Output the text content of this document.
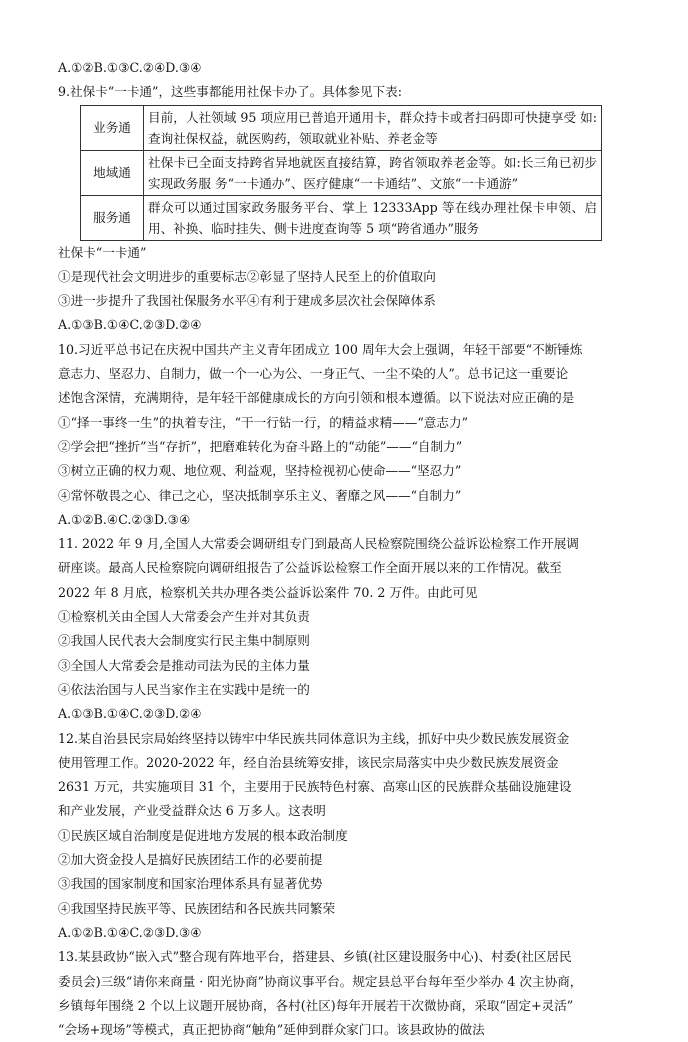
A.①②B.①③C.②④D.③④
9.社保卡“一卡通”，这些事都能用社保卡办了。具体参见下表:
业务通	目前，人社领域 95 项应用已普追开通用卡，群众持卡或者扫码即可快捷享受 如:查询社保权益，就医购药，领取就业补贴、养老金等
地域通	社保卡已全面支持跨省异地就医直接结算，跨省领取养老金等。如:长三角已初步实现政务服 务“一卡通办”、医疗健康“一卡通结”、文旅“一卡通游”
服务通	群众可以通过国家政务服务平台、掌上 12333App 等在线办理社保卡申领、启用、补换、临时挂失、侧卡进度查询等 5 项“跨省通办”服务
社保卡“一卡通”
①是现代社会文明进步的重要标志②彰显了坚持人民至上的价值取向
③进一步提升了我国社保服务水平④有利于建成多层次社会保障体系
A.①③B.①④C.②③D.②④
10.习近平总书记在庆祝中国共产主义青年团成立 100 周年大会上强调，年轻干部要“不断锤炼
意志力、坚忍力、自制力，做一个一心为公、一身正气、一尘不染的人”。总书记这一重要论
述饱含深情，充满期待，是年轻干部健康成长的方向引领和根本遵循。以下说法对应正确的是
①“择一事终一生”的执着专注，“干一行钻一行，的精益求精——“意志力”
②学会把“挫折”当“存折”，把磨难转化为奋斗路上的“动能”——“自制力”
③树立正确的权力观、地位观、利益观，坚持检视初心使命——“坚忍力”
④常怀敬畏之心、律己之心，坚决抵制享乐主义、奢靡之风——“自制力”
A.①②B.④C.②③D.③④
11. 2022 年 9 月,全国人大常委会调研组专门到最高人民检察院围绕公益诉讼检察工作开展调
研座谈。最高人民检察院向调研组报告了公益诉讼检察工作全面开展以来的工作情况。截至
2022 年 8 月底，检察机关共办理各类公益诉讼案件 70. 2 万件。由此可见
①检察机关由全国人大常委会产生并对其负责
②我国人民代表大会制度实行民主集中制原则
③全国人大常委会是推动司法为民的主体力量
④依法治国与人民当家作主在实践中是统一的
A.①③B.①④C.②③D.②④
12.某自治县民宗局始终坚持以铸牢中华民族共同体意识为主线，抓好中央少数民族发展资金
使用管理工作。2020-2022 年，经自治县统筹安排，该民宗局落实中央少数民族发展资金
2631 万元，共实施项目 31 个，主要用于民族特色村寨、高寒山区的民族群众基础设施建设
和产业发展，产业受益群众达 6 万多人。这表明
①民族区域自治制度是促进地方发展的根本政治制度
②加大资金投人是搞好民族团结工作的必要前提
③我国的国家制度和国家治理体系具有显著优势
④我国坚持民族平等、民族团结和各民族共同繁荣
A.①②B.①④C.②③D.③④
13.某县政协“嵌入式”整合现有阵地平台，搭建县、乡镇(社区建设服务中心)、村委(社区居民
委员会)三级“请你来商量 · 阳光协商”协商议事平台。规定县总平台每年至少举办 4 次主协商，
乡镇每年围绕 2 个以上议题开展协商，各村(社区)每年开展若干次微协商，采取“固定+灵活”
“会场+现场”等模式，真正把协商“触角”延伸到群众家门口。该县政协的做法
